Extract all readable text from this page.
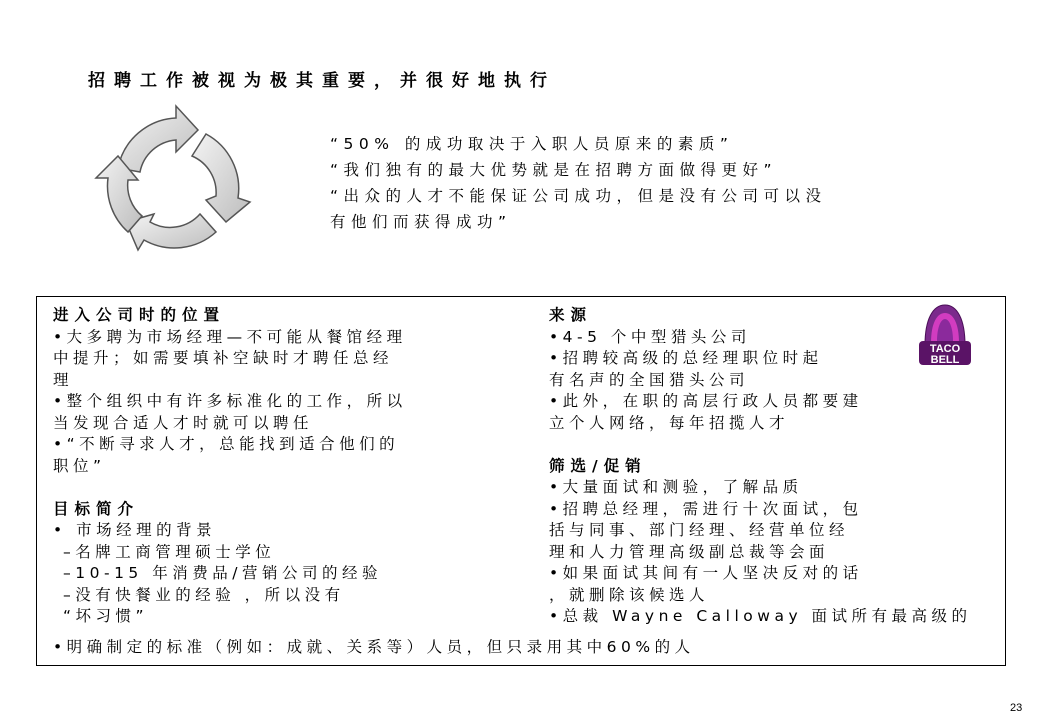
招聘工作被视为极其重要，并很好地执行
“50% 的成功取决于入职人员原来的素质”
“我们独有的最大优势就是在招聘方面做得更好”
“出众的人才不能保证公司成功，但是没有公司可以没
有他们而获得成功”
进入公司时的位置
•大多聘为市场经理—不可能从餐馆经理
中提升；如需要填补空缺时才聘任总经
理
•整个组织中有许多标准化的工作，所以
当发现合适人才时就可以聘任
•“不断寻求人才，总能找到适合他们的
职位”
目标简介
• 市场经理的背景
–名牌工商管理硕士学位
–10-15 年消费品/营销公司的经验
–没有快餐业的经验 ，所以没有
“坏习惯”
来源
•4-5 个中型猎头公司
•招聘较高级的总经理职位时起
有名声的全国猎头公司
•此外，在职的高层行政人员都要建
立个人网络，每年招揽人才
筛选/促销
•大量面试和测验，了解品质
•招聘总经理，需进行十次面试，包
括与同事、部门经理、经营单位经
理和人力管理高级副总裁等会面
•如果面试其间有一人坚决反对的话
，就删除该候选人
•总裁 Wayne Calloway 面试所有最高级的
TACO
BELL
•明确制定的标准（例如：成就、关系等）人员，但只录用其中60%的人
23
